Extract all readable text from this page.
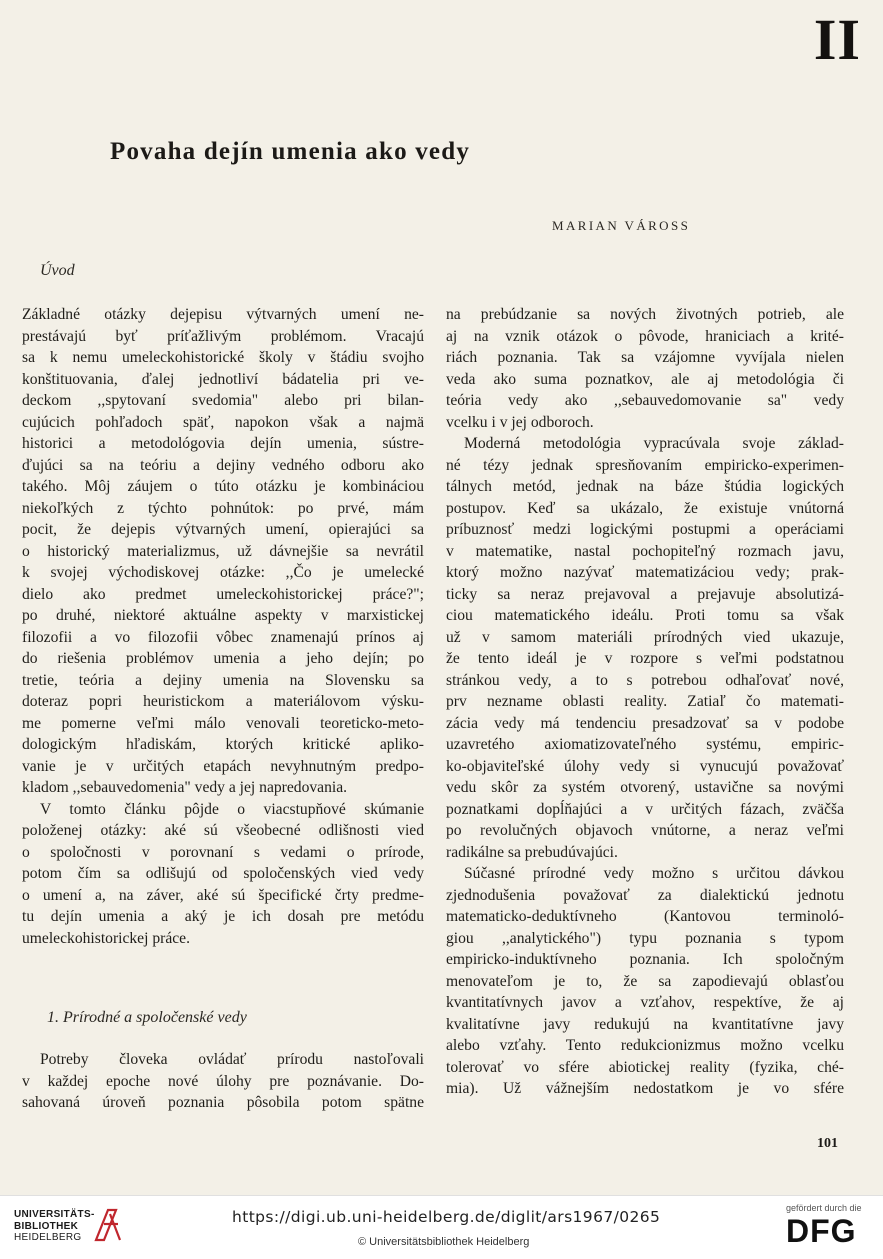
II
Povaha dejín umenia ako vedy
MARIAN VÁROSS
Úvod
Základné otázky dejepisu výtvarných umení ne-
prestávajú byť príťažlivým problémom. Vracajú
sa k nemu umeleckohistorické školy v štádiu svojho
konštituovania, ďalej jednotliví bádatelia pri ve-
deckom ,,spytovaní svedomia" alebo pri bilan-
cujúcich pohľadoch späť, napokon však a najmä
historici a metodológovia dejín umenia, sústre-
ďujúci sa na teóriu a dejiny vedného odboru ako
takého. Môj záujem o túto otázku je kombináciou
niekoľkých z týchto pohnútok: po prvé, mám
pocit, že dejepis výtvarných umení, opierajúci sa
o historický materializmus, už dávnejšie sa nevrátil
k svojej východiskovej otázke: ,,Čo je umelecké
dielo ako predmet umeleckohistorickej práce?";
po druhé, niektoré aktuálne aspekty v marxistickej
filozofii a vo filozofii vôbec znamenajú prínos aj
do riešenia problémov umenia a jeho dejín; po
tretie, teória a dejiny umenia na Slovensku sa
doteraz popri heuristickom a materiálovom výsku-
me pomerne veľmi málo venovali teoreticko-meto-
dologickým hľadiskám, ktorých kritické apliko-
vanie je v určitých etapách nevyhnutným predpo-
kladom ,,sebauvedomenia" vedy a jej napredovania.
V tomto článku pôjde o viacstupňové skúmanie
položenej otázky: aké sú všeobecné odlišnosti vied
o spoločnosti v porovnaní s vedami o prírode,
potom čím sa odlišujú od spoločenských vied vedy
o umení a, na záver, aké sú špecifické črty predme-
tu dejín umenia a aký je ich dosah pre metódu
umeleckohistorickej práce.
1. Prírodné a spoločenské vedy
Potreby človeka ovládať prírodu nastoľovali
v každej epoche nové úlohy pre poznávanie. Do-
sahovaná úroveň poznania pôsobila potom spätne
na prebúdzanie sa nových životných potrieb, ale
aj na vznik otázok o pôvode, hraniciach a krité-
riách poznania. Tak sa vzájomne vyvíjala nielen
veda ako suma poznatkov, ale aj metodológia či
teória vedy ako ,,sebauvedomovanie sa" vedy
vcelku i v jej odboroch.
Moderná metodológia vypracúvala svoje základ-
né tézy jednak spresňovaním empiricko-experimen-
tálnych metód, jednak na báze štúdia logických
postupov. Keď sa ukázalo, že existuje vnútorná
príbuznosť medzi logickými postupmi a operáciami
v matematike, nastal pochopiteľný rozmach javu,
ktorý možno nazývať matematizáciou vedy; prak-
ticky sa neraz prejavoval a prejavuje absolutizá-
ciou matematického ideálu. Proti tomu sa však
už v samom materiáli prírodných vied ukazuje,
že tento ideál je v rozpore s veľmi podstatnou
stránkou vedy, a to s potrebou odhaľovať nové,
prv nezname oblasti reality. Zatiaľ čo matemati-
zácia vedy má tendenciu presadzovať sa v podobe
uzavretého axiomatizovateľného systému, empiric-
ko-objaviteľské úlohy vedy si vynucujú považovať
vedu skôr za systém otvorený, ustavične sa novými
poznatkami dopĺňajúci a v určitých fázach, zväčša
po revolučných objavoch vnútorne, a neraz veľmi
radikálne sa prebudúvajúci.
Súčasné prírodné vedy možno s určitou dávkou
zjednodušenia považovať za dialektickú jednotu
matematicko-deduktívneho (Kantovou terminoló-
giou ,,analytického") typu poznania s typom
empiricko-induktívneho poznania. Ich spoločným
menovateľom je to, že sa zapodievajú oblasťou
kvantitatívnych javov a vzťahov, respektíve, že aj
kvalitatívne javy redukujú na kvantitatívne javy
alebo vzťahy. Tento redukcionizmus možno vcelku
tolerovať vo sfére abiotickej reality (fyzika, ché-
mia). Už vážnejším nedostatkom je vo sfére
101
UNIVERSITÄTS-
BIBLIOTHEK
HEIDELBERG
https://digi.ub.uni-heidelberg.de/diglit/ars1967/0265
© Universitätsbibliothek Heidelberg
gefördert durch die
DFG
